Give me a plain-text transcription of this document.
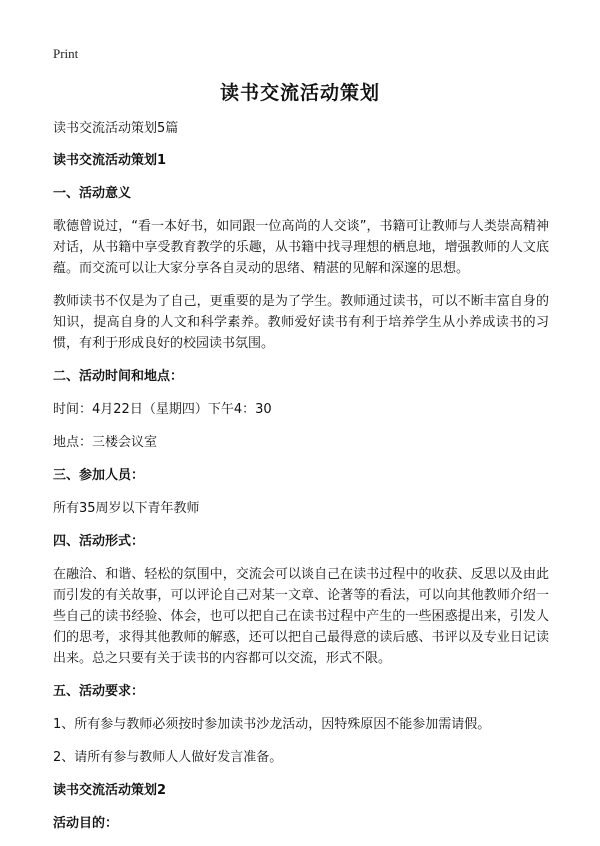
Print
读书交流活动策划

读书交流活动策划5篇

读书交流活动策划1

一、活动意义

歌德曾说过，“看一本好书，如同跟一位高尚的人交谈”，书籍可让教师与人类崇高精神对话，从书籍中享受教育教学的乐趣，从书籍中找寻理想的栖息地，增强教师的人文底蕴。而交流可以让大家分享各自灵动的思绪、精湛的见解和深邃的思想。

教师读书不仅是为了自己，更重要的是为了学生。教师通过读书，可以不断丰富自身的知识，提高自身的人文和科学素养。教师爱好读书有利于培养学生从小养成读书的习惯，有利于形成良好的校园读书氛围。

二、活动时间和地点：

时间：4月22日（星期四）下午4：30

地点：三楼会议室

三、参加人员：

所有35周岁以下青年教师

四、活动形式：

在融洽、和谐、轻松的氛围中，交流会可以谈自己在读书过程中的收获、反思以及由此而引发的有关故事，可以评论自己对某一文章、论著等的看法，可以向其他教师介绍一些自己的读书经验、体会，也可以把自己在读书过程中产生的一些困惑提出来，引发人们的思考，求得其他教师的解惑，还可以把自己最得意的读后感、书评以及专业日记读出来。总之只要有关于读书的内容都可以交流，形式不限。

五、活动要求：

1、所有参与教师必须按时参加读书沙龙活动，因特殊原因不能参加需请假。

2、请所有参与教师人人做好发言准备。

读书交流活动策划2

活动目的：
